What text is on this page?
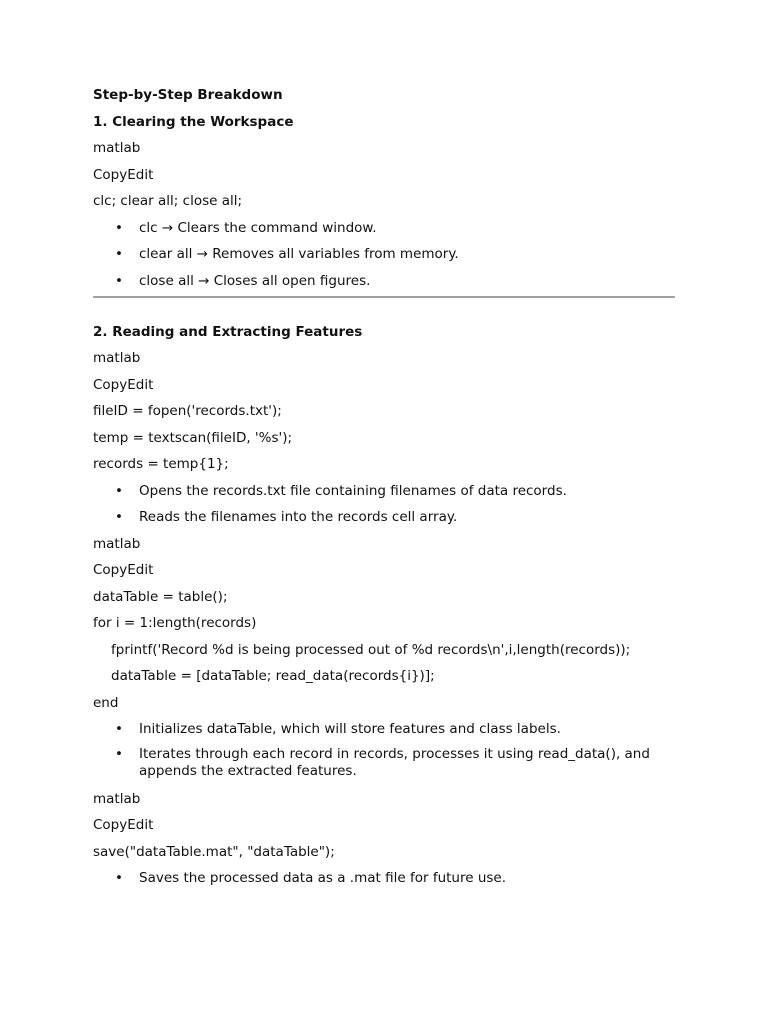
Step-by-Step Breakdown
1. Clearing the Workspace
matlab
CopyEdit
clc; clear all; close all;
• clc → Clears the command window.
• clear all → Removes all variables from memory.
• close all → Closes all open figures.
2. Reading and Extracting Features
matlab
CopyEdit
fileID = fopen('records.txt');
temp = textscan(fileID, '%s');
records = temp{1};
• Opens the records.txt file containing filenames of data records.
• Reads the filenames into the records cell array.
matlab
CopyEdit
dataTable = table();
for i = 1:length(records)
fprintf('Record %d is being processed out of %d records\n',i,length(records));
dataTable = [dataTable; read_data(records{i})];
end
• Initializes dataTable, which will store features and class labels.
• Iterates through each record in records, processes it using read_data(), and appends the extracted features.
matlab
CopyEdit
save("dataTable.mat", "dataTable");
• Saves the processed data as a .mat file for future use.
